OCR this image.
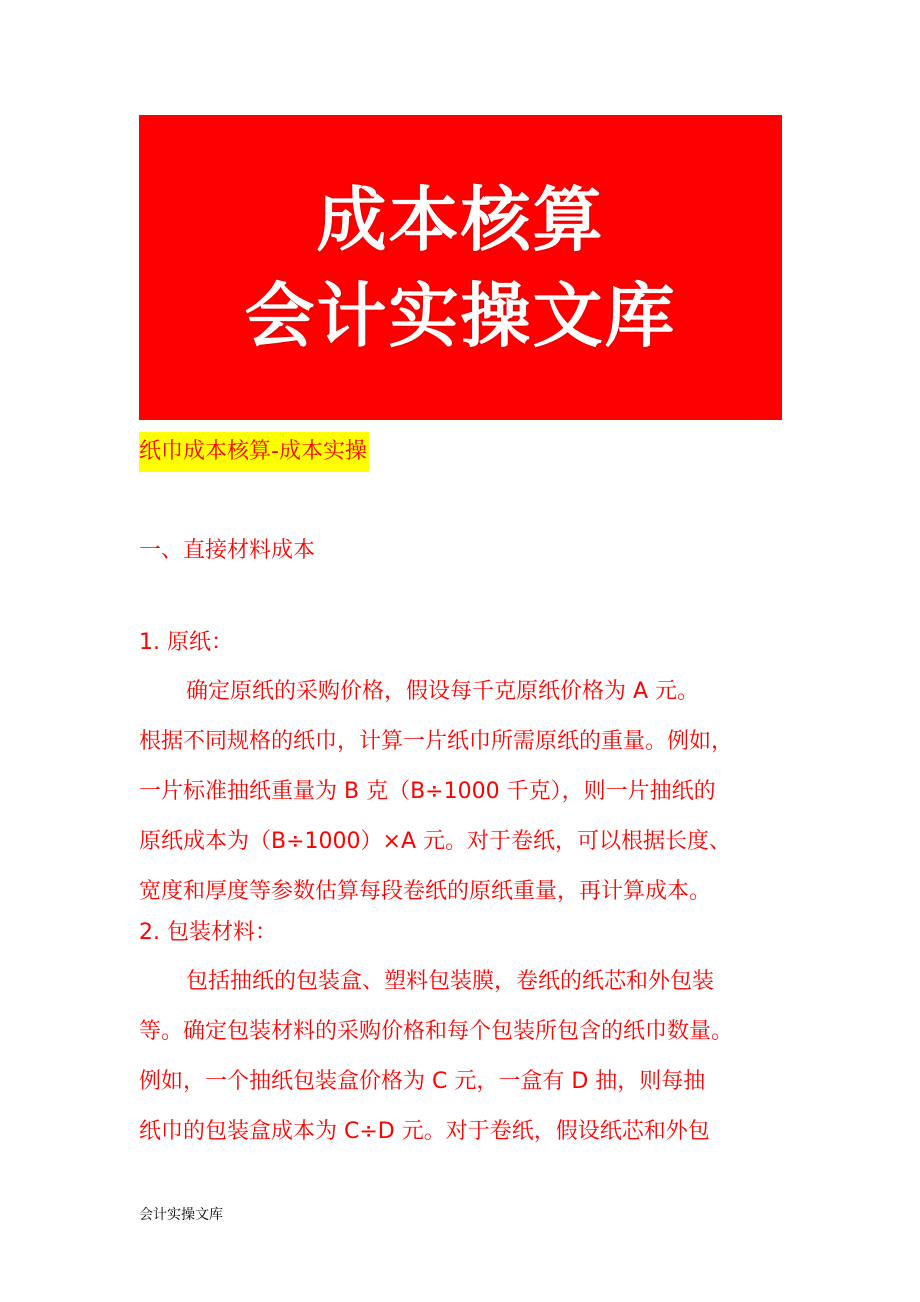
成本核算
会计实操文库
纸巾成本核算-成本实操
一、直接材料成本
1. 原纸：
确定原纸的采购价格，假设每千克原纸价格为 A 元。
根据不同规格的纸巾，计算一片纸巾所需原纸的重量。例如，
一片标准抽纸重量为 B 克（B÷1000 千克），则一片抽纸的
原纸成本为（B÷1000）×A 元。对于卷纸，可以根据长度、
宽度和厚度等参数估算每段卷纸的原纸重量，再计算成本。
2. 包装材料：
包括抽纸的包装盒、塑料包装膜，卷纸的纸芯和外包装
等。确定包装材料的采购价格和每个包装所包含的纸巾数量。
例如，一个抽纸包装盒价格为 C 元，一盒有 D 抽，则每抽
纸巾的包装盒成本为 C÷D 元。对于卷纸，假设纸芯和外包
会计实操文库
